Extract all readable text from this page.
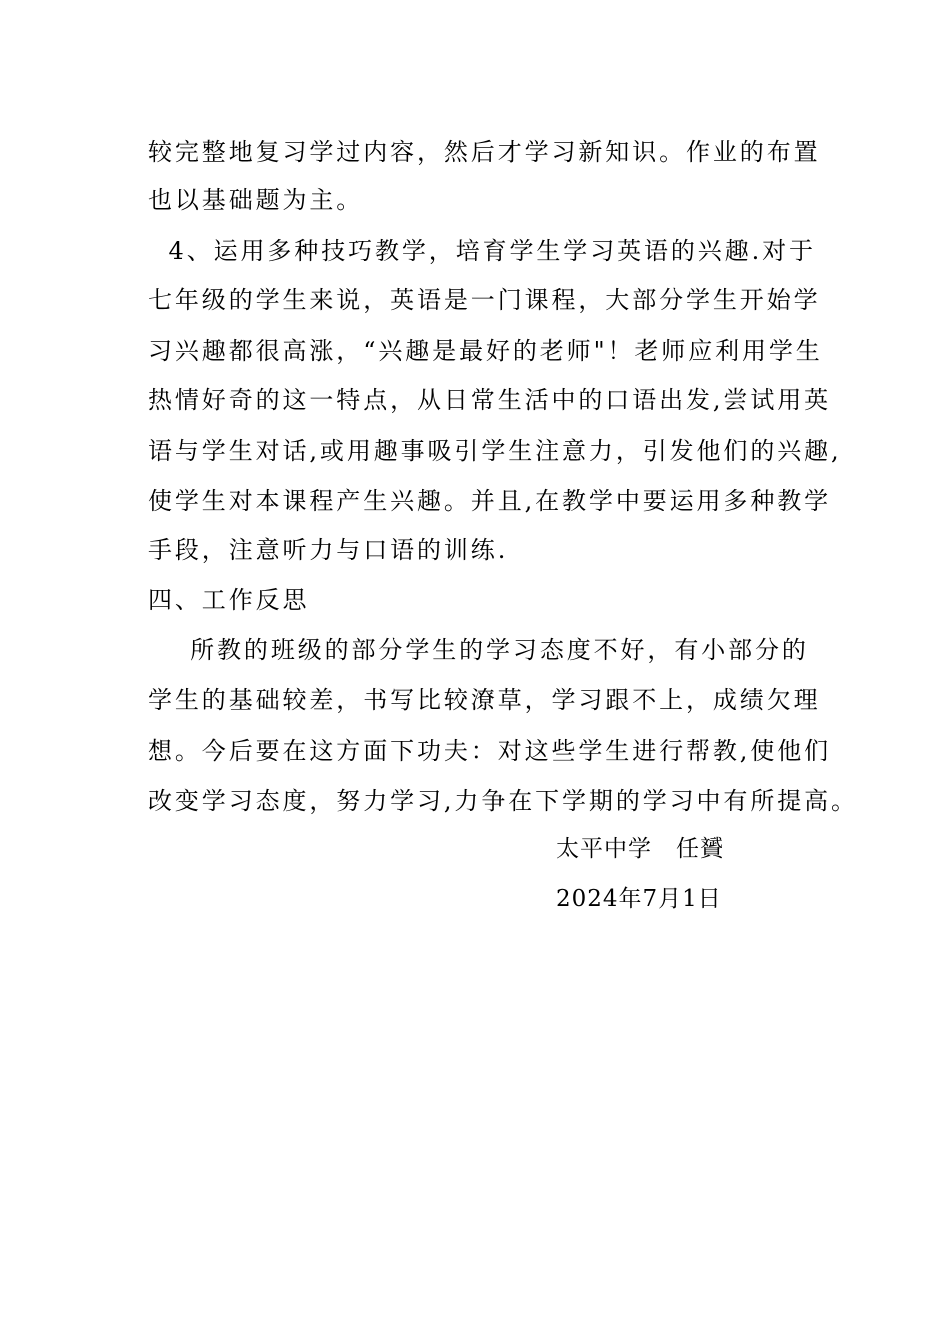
较完整地复习学过内容，然后才学习新知识。作业的布置
也以基础题为主。
4、运用多种技巧教学，培育学生学习英语的兴趣.对于
七年级的学生来说，英语是一门课程，大部分学生开始学
习兴趣都很高涨，“兴趣是最好的老师"！老师应利用学生
热情好奇的这一特点，从日常生活中的口语出发,尝试用英
语与学生对话,或用趣事吸引学生注意力，引发他们的兴趣,
使学生对本课程产生兴趣。并且,在教学中要运用多种教学
手段，注意听力与口语的训练.
四、工作反思
所教的班级的部分学生的学习态度不好，有小部分的
学生的基础较差，书写比较潦草，学习跟不上，成绩欠理
想。今后要在这方面下功夫：对这些学生进行帮教,使他们
改变学习态度，努力学习,力争在下学期的学习中有所提高。
太平中学　任贇
2024年7月1日
